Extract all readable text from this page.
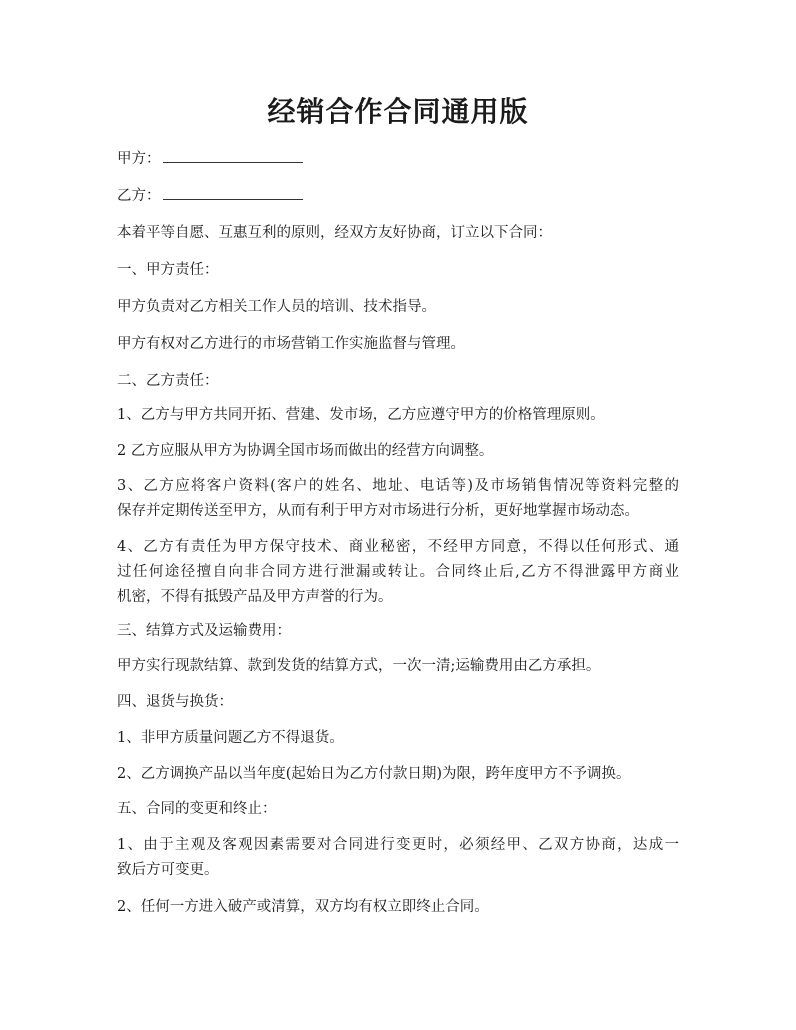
经销合作合同通用版

甲方：

乙方：

本着平等自愿、互惠互利的原则，经双方友好协商，订立以下合同：

一、甲方责任：

甲方负责对乙方相关工作人员的培训、技术指导。

甲方有权对乙方进行的市场营销工作实施监督与管理。

二、乙方责任：

1、乙方与甲方共同开拓、营建、发市场，乙方应遵守甲方的价格管理原则。

2 乙方应服从甲方为协调全国市场而做出的经营方向调整。

3、乙方应将客户资料(客户的姓名、地址、电话等)及市场销售情况等资料完整的
保存并定期传送至甲方，从而有利于甲方对市场进行分析，更好地掌握市场动态。
4、乙方有责任为甲方保守技术、商业秘密，不经甲方同意，不得以任何形式、通
过任何途径擅自向非合同方进行泄漏或转让。合同终止后,乙方不得泄露甲方商业
机密，不得有抵毁产品及甲方声誉的行为。

三、结算方式及运输费用：

甲方实行现款结算、款到发货的结算方式，一次一清;运输费用由乙方承担。

四、退货与换货：

1、非甲方质量问题乙方不得退货。

2、乙方调换产品以当年度(起始日为乙方付款日期)为限，跨年度甲方不予调换。

五、合同的变更和终止：

1、由于主观及客观因素需要对合同进行变更时，必须经甲、乙双方协商，达成一
致后方可变更。

2、任何一方进入破产或清算，双方均有权立即终止合同。
